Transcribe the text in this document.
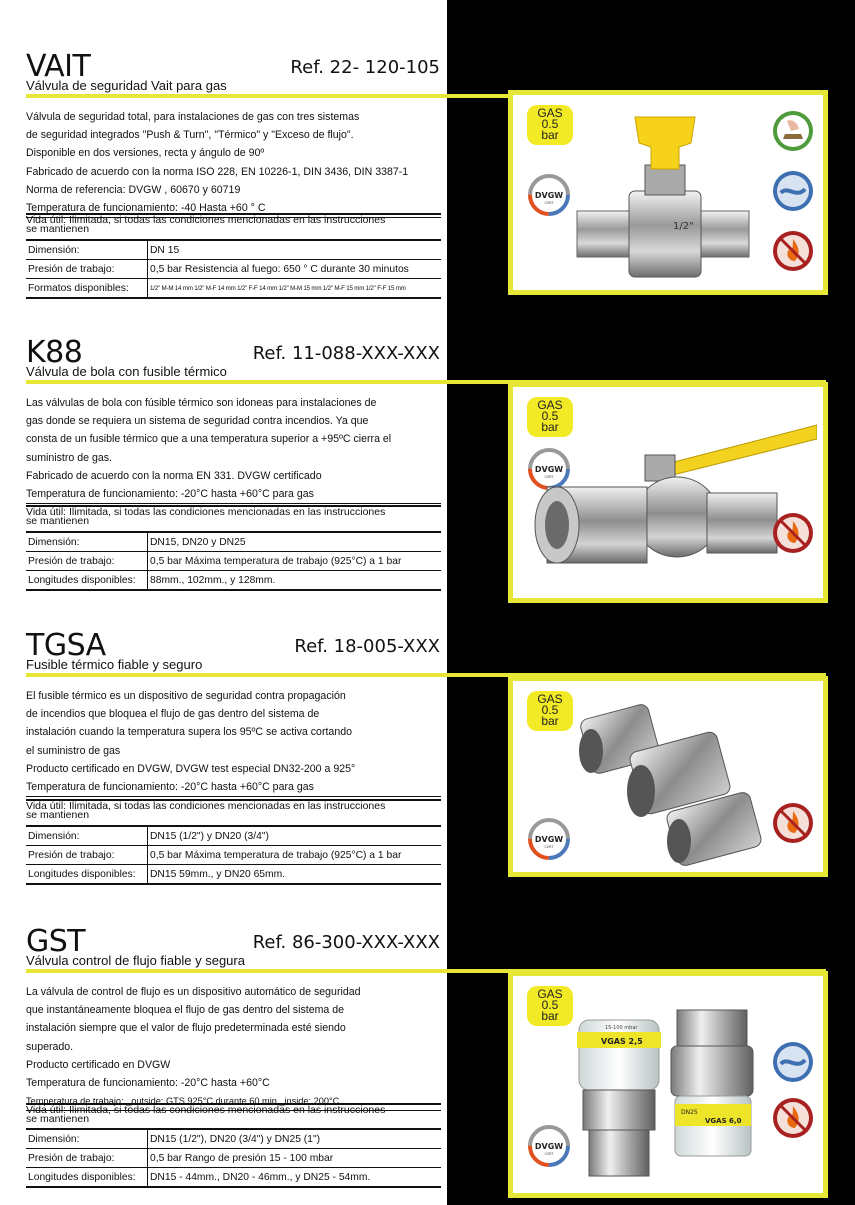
VAIT
Válvula de seguridad Vait para gas
Ref. 22- 120-105
Válvula de seguridad total, para instalaciones de gas con tres sistemas
de seguridad integrados "Push & Turn", "Térmico" y "Exceso de flujo".
Disponible en dos versiones, recta y ángulo de 90º
Fabricado de acuerdo con la norma ISO 228, EN 10226-1, DIN 3436, DIN 3387-1
Norma de referencia: DVGW , 60670 y 60719
Temperatura de funcionamiento: -40 Hasta +60 ° C
Vida útil: Ilimitada, si todas las condiciones mencionadas en las instrucciones
se mantienen
Dimensión:	DN 15
Presión de trabajo:	0,5 bar Resistencia al fuego: 650 ° C durante 30 minutos
Formatos disponibles:	1/2" M-M 14 mm 1/2" M-F 14 mm 1/2" F-F 14 mm 1/2" M-M 15 mm 1/2" M-F 15 mm 1/2" F-F 15 mm
GAS
0.5
bar
DVGW
CERT
1/2"
K88
Válvula de bola con fusible térmico
Ref. 11-088-XXX-XXX
Las válvulas de bola con fúsible térmico son idoneas para instalaciones de
gas donde se requiera un sistema de seguridad contra incendios. Ya que
consta de un fusible térmico que a una temperatura superior a +95ºC cierra el
suministro de gas.
Fabricado de acuerdo con la norma EN 331. DVGW certificado
Temperatura de funcionamiento: -20°C hasta +60°C para gas
Vida útil: Ilimitada, si todas las condiciones mencionadas en las instrucciones
se mantienen
Dimensión:	DN15, DN20 y DN25
Presión de trabajo:	0,5 bar Máxima temperatura de trabajo (925°C) a 1 bar
Longitudes disponibles:	88mm., 102mm., y 128mm.
GAS
0.5
bar
DVGW
CERT
TGSA
Fusible térmico fiable y seguro
Ref. 18-005-XXX
El fusible térmico es un dispositivo de seguridad contra propagación
de incendios que bloquea el flujo de gas dentro del sistema de
instalación cuando la temperatura supera los 95ºC se activa cortando
el suministro de gas
Producto certificado en DVGW, DVGW test especial DN32-200 a 925°
Temperatura de funcionamiento: -20°C hasta +60°C para gas
Vida útil: Ilimitada, si todas las condiciones mencionadas en las instrucciones
se mantienen
Dimensión:	DN15 (1/2") y DN20 (3/4")
Presión de trabajo:	0,5 bar Máxima temperatura de trabajo (925°C) a 1 bar
Longitudes disponibles:	DN15 59mm., y DN20 65mm.
GAS
0.5
bar
DVGW
CERT
GST
Válvula control de flujo fiable y segura
Ref. 86-300-XXX-XXX
La válvula de control de flujo es un dispositivo automático de seguridad
que instantáneamente bloquea el flujo de gas dentro del sistema de
instalación siempre que el valor de flujo predeterminada esté siendo
superado.
Producto certificado en DVGW
Temperatura de funcionamiento: -20°C hasta +60°C
Temperatura de trabajo: _outside: GTS 925°C durante 60 min._inside: 200°C
Vida útil: Ilimitada, si todas las condiciones mencionadas en las instrucciones
se mantienen
Dimensión:	DN15 (1/2"), DN20 (3/4") y DN25 (1")
Presión de trabajo:	0,5 bar Rango de presión 15 - 100 mbar
Longitudes disponibles:	DN15 - 44mm., DN20 - 46mm., y DN25 - 54mm.
GAS
0.5
bar
DVGW
CERT
VGAS 2,5
15-100 mbar
DN25
VGAS 6,0
